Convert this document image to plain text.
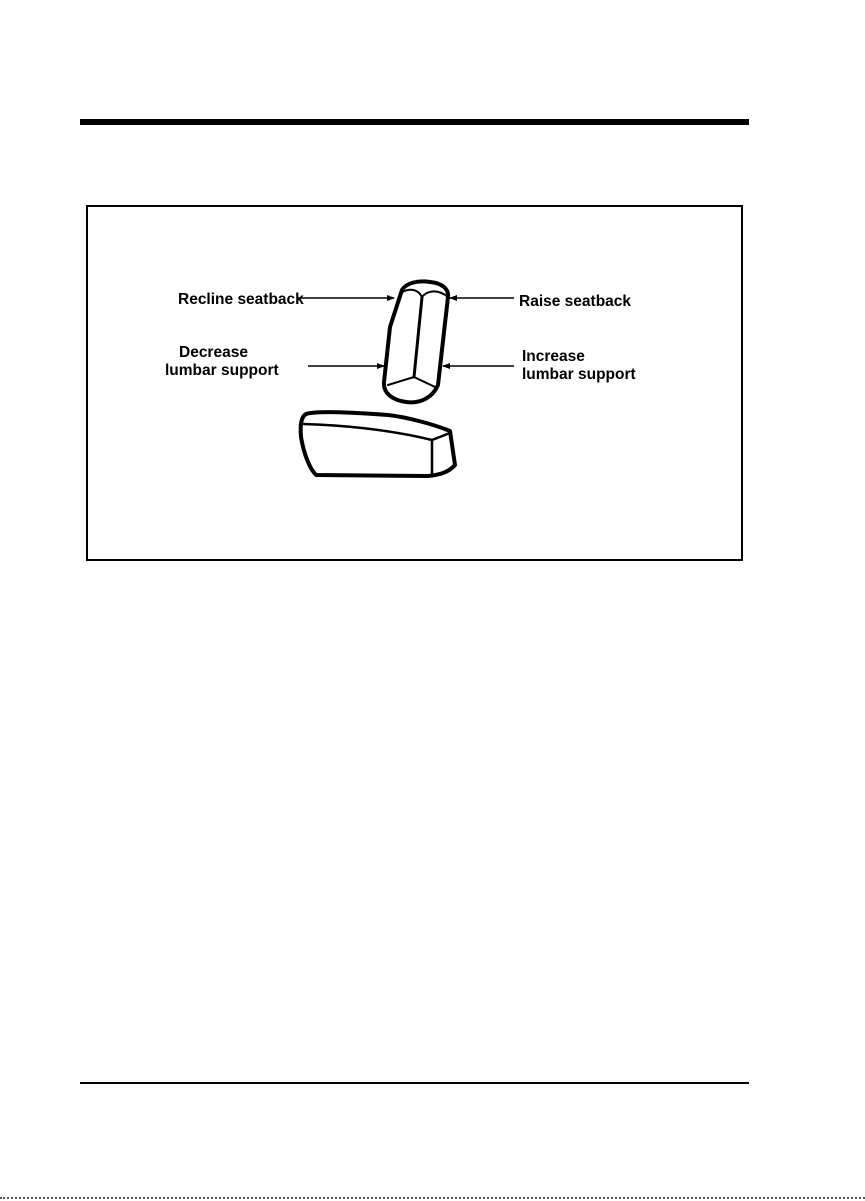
Recline seatback	Raise seatback
Decrease
lumbar support
Increase
lumbar support
